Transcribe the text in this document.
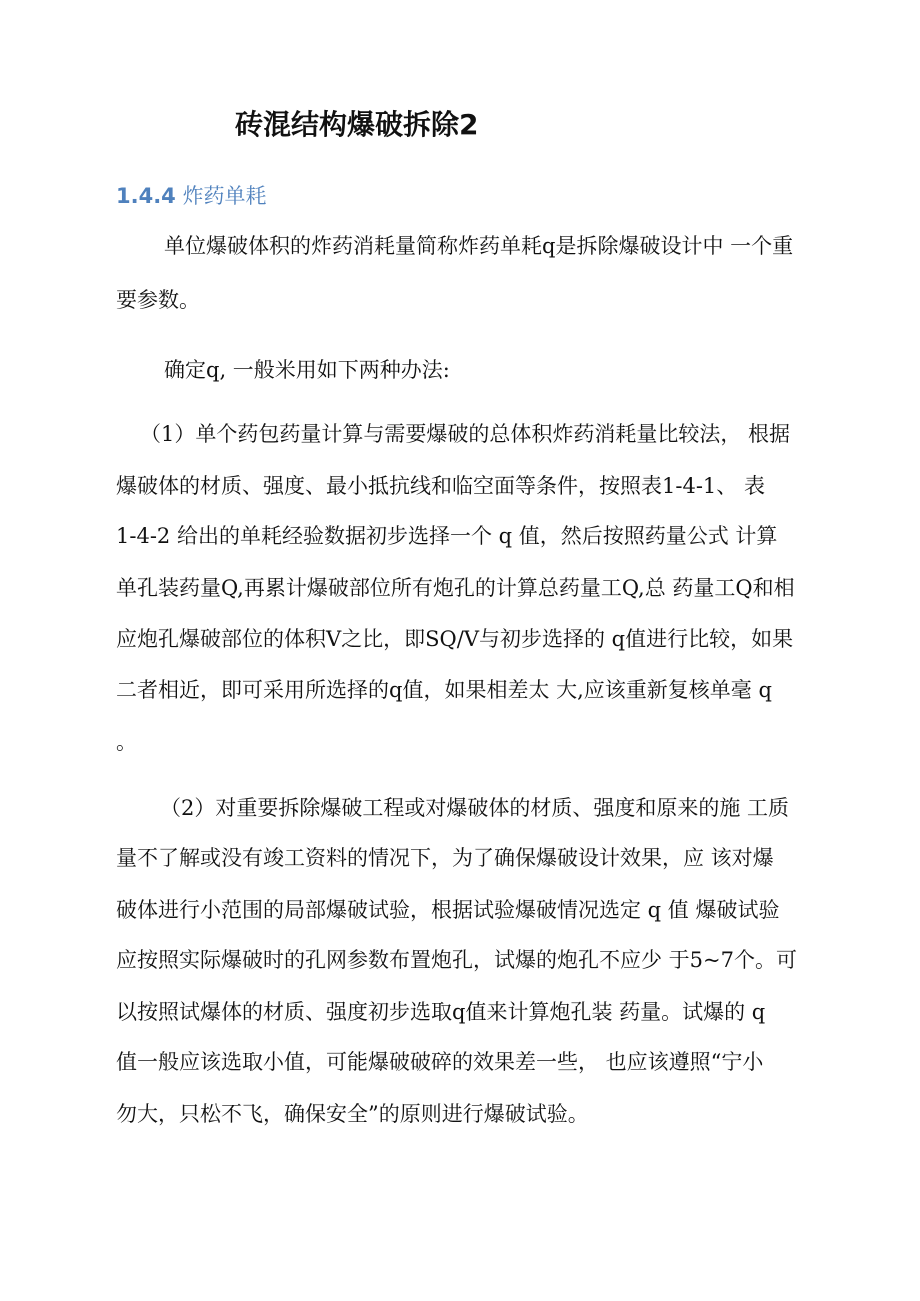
砖混结构爆破拆除2
1.4.4 炸药单耗
单位爆破体积的炸药消耗量简称炸药单耗q是拆除爆破设计中 一个重
要参数。
确定q, 一般米用如下两种办法:
（1）单个药包药量计算与需要爆破的总体积炸药消耗量比较法， 根据
爆破体的材质、强度、最小抵抗线和临空面等条件，按照表1-4-1、 表
1-4-2 给出的单耗经验数据初步选择一个 q 值，然后按照药量公式 计算
单孔装药量Q,再累计爆破部位所有炮孔的计算总药量工Q,总 药量工Q和相
应炮孔爆破部位的体积V之比，即SQ/V与初步选择的 q值进行比较，如果
二者相近，即可采用所选择的q值，如果相差太 大,应该重新复核单毫 q
。
（2）对重要拆除爆破工程或对爆破体的材质、强度和原来的施 工质
量不了解或没有竣工资料的情况下，为了确保爆破设计效果，应 该对爆
破体进行小范围的局部爆破试验，根据试验爆破情况选定 q 值 爆破试验
应按照实际爆破时的孔网参数布置炮孔，试爆的炮孔不应少 于5~7个。可
以按照试爆体的材质、强度初步选取q值来计算炮孔装 药量。试爆的 q
值一般应该选取小值，可能爆破破碎的效果差一些， 也应该遵照“宁小
勿大，只松不飞，确保安全”的原则进行爆破试验。
